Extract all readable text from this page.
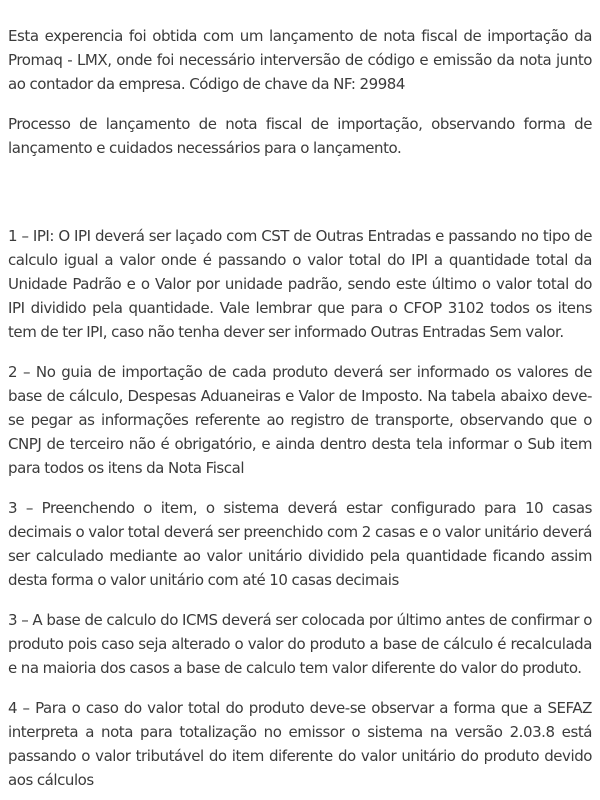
Esta experencia foi obtida com um lançamento de nota fiscal de importação da Promaq - LMX, onde foi necessário interversão de código e emissão da nota junto ao contador da empresa. Código de chave da NF: 29984

Processo de lançamento de nota fiscal de importação, observando forma de lançamento e cuidados necessários para o lançamento.

1 – IPI: O IPI deverá ser laçado com CST de Outras Entradas e passando no tipo de calculo igual a valor onde é passando o valor total do IPI a quantidade total da Unidade Padrão e o Valor por unidade padrão, sendo este último o valor total do IPI dividido pela quantidade. Vale lembrar que para o CFOP 3102 todos os itens tem de ter IPI, caso não tenha dever ser informado Outras Entradas Sem valor.

2 – No guia de importação de cada produto deverá ser informado os valores de base de cálculo, Despesas Aduaneiras e Valor de Imposto. Na tabela abaixo deve-se pegar as informações referente ao registro de transporte, observando que o CNPJ de terceiro não é obrigatório, e ainda dentro desta tela informar o Sub item para todos os itens da Nota Fiscal

3 – Preenchendo o item, o sistema deverá estar configurado para 10 casas decimais o valor total deverá ser preenchido com 2 casas e o valor unitário deverá ser calculado mediante ao valor unitário dividido pela quantidade ficando assim desta forma o valor unitário com até 10 casas decimais

3 – A base de calculo do ICMS deverá ser colocada por último antes de confirmar o produto pois caso seja alterado o valor do produto a base de cálculo é recalculada e na maioria dos casos a base de calculo tem valor diferente do valor do produto.

4 – Para o caso do valor total do produto deve-se observar a forma que a SEFAZ interpreta a nota para totalização no emissor o sistema na versão 2.03.8 está passando o valor tributável do item diferente do valor unitário do produto devido aos cálculos
